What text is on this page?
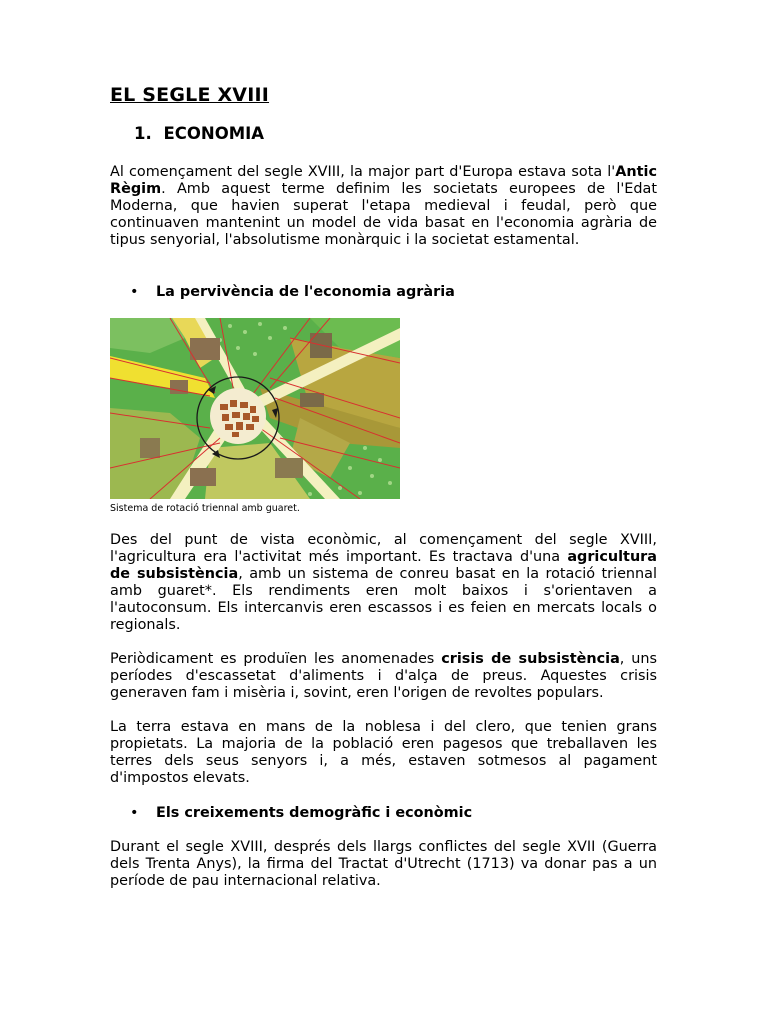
EL SEGLE XVIII
1. ECONOMIA

Al començament del segle XVIII, la major part d'Europa estava sota l'Antic Règim. Amb aquest terme definim les societats europees de l'Edat Moderna, que havien superat l'etapa medieval i feudal, però que continuaven mantenint un model de vida basat en l'economia agrària de tipus senyorial, l'absolutisme monàrquic i la societat estamental.

• La pervivència de l'economia agrària

Sistema de rotació triennal amb guaret.

Des del punt de vista econòmic, al començament del segle XVIII, l'agricultura era l'activitat més important. Es tractava d'una agricultura de subsistència, amb un sistema de conreu basat en la rotació triennal amb guaret*. Els rendiments eren molt baixos i s'orientaven a l'autoconsum. Els intercanvis eren escassos i es feien en mercats locals o regionals.

Periòdicament es produïen les anomenades crisis de subsistència, uns períodes d'escassetat d'aliments i d'alça de preus. Aquestes crisis generaven fam i misèria i, sovint, eren l'origen de revoltes populars.

La terra estava en mans de la noblesa i del clero, que tenien grans propietats. La majoria de la població eren pagesos que treballaven les terres dels seus senyors i, a més, estaven sotmesos al pagament d'impostos elevats.

• Els creixements demogràfic i econòmic

Durant el segle XVIII, després dels llargs conflictes del segle XVII (Guerra dels Trenta Anys), la firma del Tractat d'Utrecht (1713) va donar pas a un període de pau internacional relativa.
